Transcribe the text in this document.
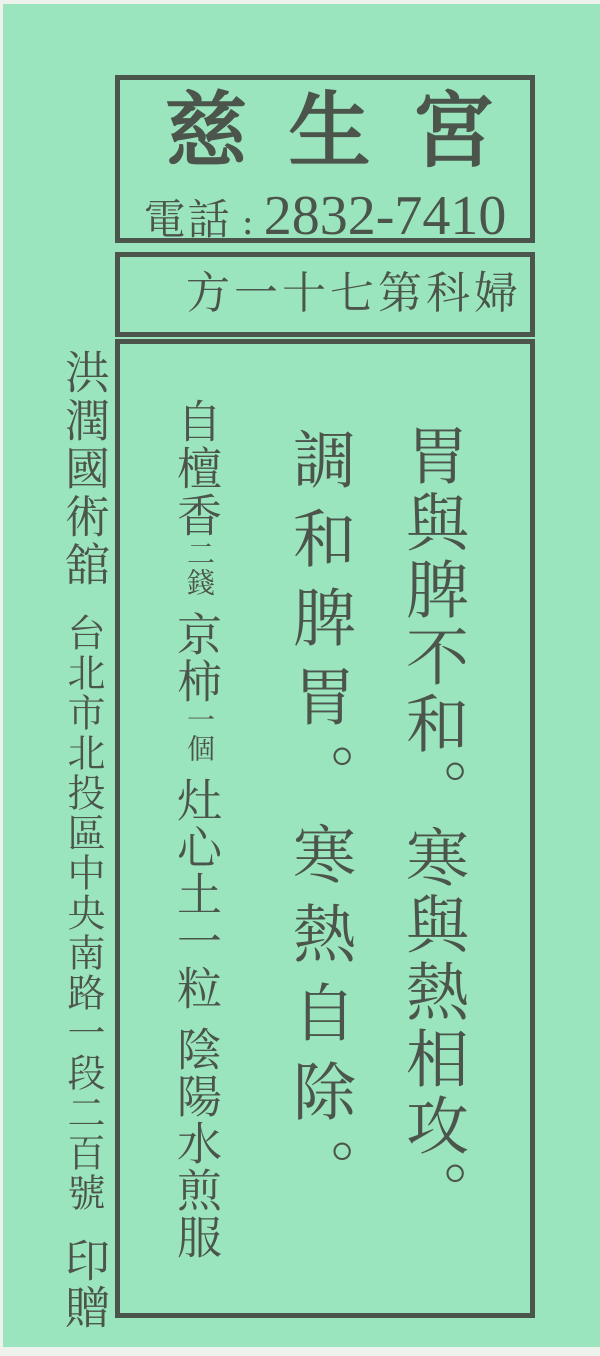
慈 生 宮
電話 : 2832-7410
方一十七第科婦
胃與脾不和。寒與熱相攻。
調和脾胃。寒熱自除。
自檀香二錢京柿一個灶心土一粒陰陽水煎服
洪潤國術舘台北市北投區中央南路一段二百號印贈
